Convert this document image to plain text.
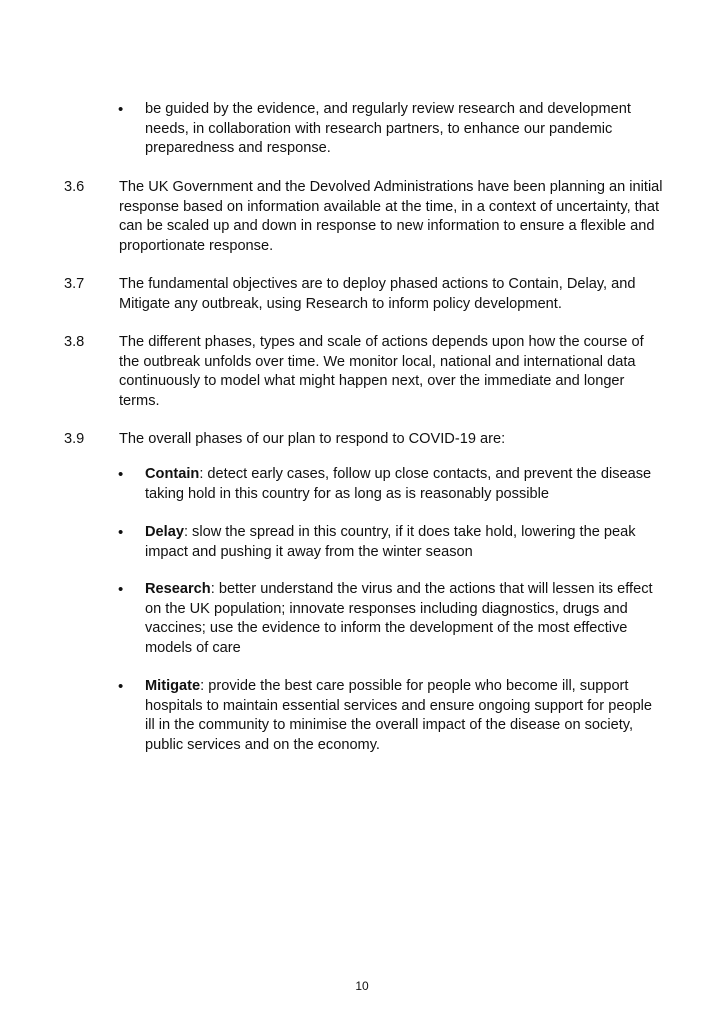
•
be guided by the evidence, and regularly review research and development needs, in collaboration with research partners, to enhance our pandemic preparedness and response.
3.6 The UK Government and the Devolved Administrations have been planning an initial response based on information available at the time, in a context of uncertainty, that can be scaled up and down in response to new information to ensure a flexible and proportionate response.
3.7 The fundamental objectives are to deploy phased actions to Contain, Delay, and Mitigate any outbreak, using Research to inform policy development.
3.8 The different phases, types and scale of actions depends upon how the course of the outbreak unfolds over time. We monitor local, national and international data continuously to model what might happen next, over the immediate and longer terms.
3.9 The overall phases of our plan to respond to COVID-19 are:
•
Contain: detect early cases, follow up close contacts, and prevent the disease taking hold in this country for as long as is reasonably possible
•
Delay: slow the spread in this country, if it does take hold, lowering the peak impact and pushing it away from the winter season
•
Research: better understand the virus and the actions that will lessen its effect on the UK population; innovate responses including diagnostics, drugs and vaccines; use the evidence to inform the development of the most effective models of care
•
Mitigate: provide the best care possible for people who become ill, support hospitals to maintain essential services and ensure ongoing support for people ill in the community to minimise the overall impact of the disease on society, public services and on the economy.
10
